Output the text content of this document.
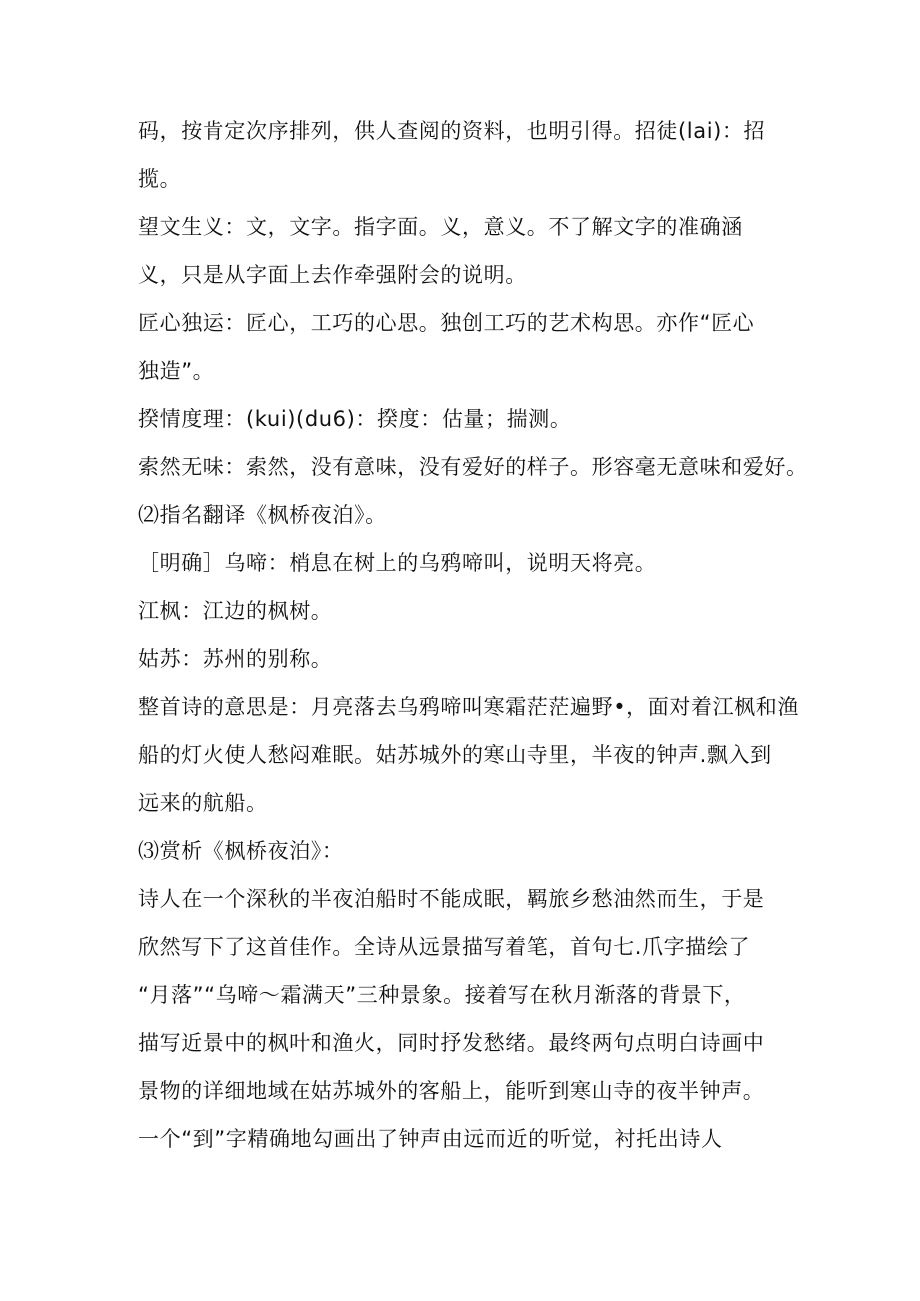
码，按肯定次序排列，供人查阅的资料，也明引得。招徒(lai)：招

揽。

望文生义：文，文字。指字面。义，意义。不了解文字的准确涵

义，只是从字面上去作牵强附会的说明。

匠心独运：匠心，工巧的心思。独创工巧的艺术构思。亦作“匠心

独造”。

揆情度理：(kui)(du6)：揆度：估量；揣测。

索然无味：索然，没有意味，没有爱好的样子。形容毫无意味和爱好。

⑵指名翻译《枫桥夜泊》。

［明确］乌啼：梢息在树上的乌鸦啼叫，说明天将亮。

江枫：江边的枫树。

姑苏：苏州的别称。

整首诗的意思是：月亮落去乌鸦啼叫寒霜茫茫遍野•，面对着江枫和渔

船的灯火使人愁闷难眠。姑苏城外的寒山寺里，半夜的钟声.飘入到

远来的航船。

⑶赏析《枫桥夜泊》：

诗人在一个深秋的半夜泊船时不能成眠，羁旅乡愁油然而生，于是

欣然写下了这首佳作。全诗从远景描写着笔，首句七.爪字描绘了

“月落”“乌啼～霜满天”三种景象。接着写在秋月渐落的背景下，

描写近景中的枫叶和渔火，同时抒发愁绪。最终两句点明白诗画中

景物的详细地域在姑苏城外的客船上，能听到寒山寺的夜半钟声。

一个“到”字精确地勾画出了钟声由远而近的听觉，衬托出诗人
